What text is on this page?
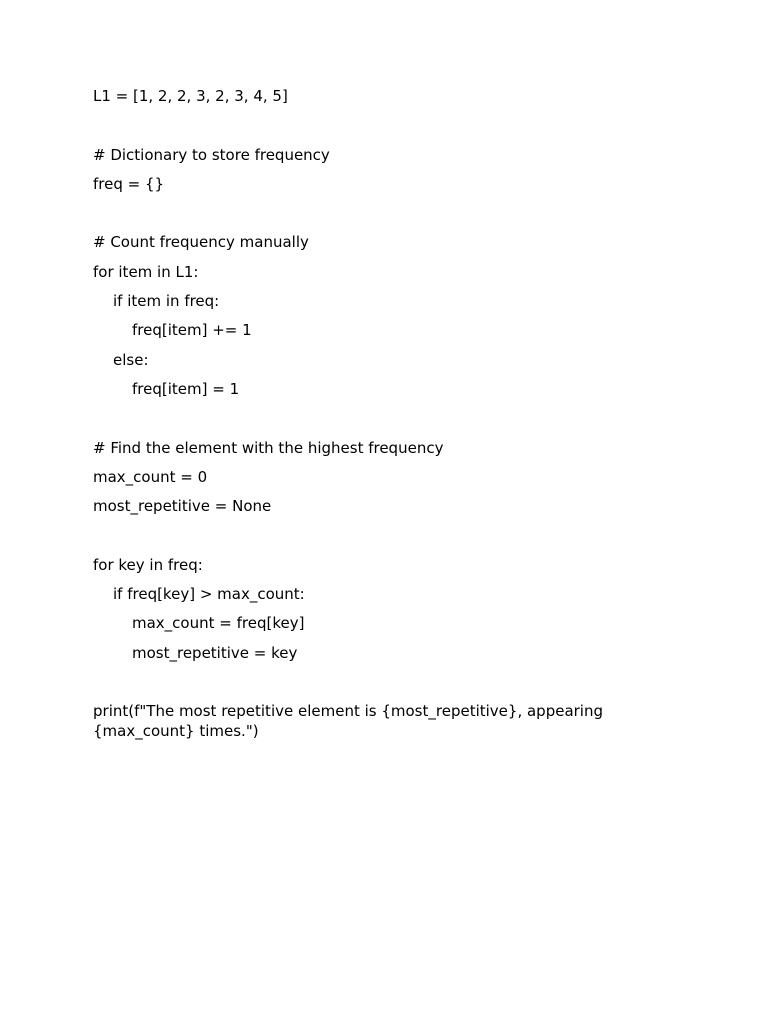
L1 = [1, 2, 2, 3, 2, 3, 4, 5]
# Dictionary to store frequency
freq = {}
# Count frequency manually
for item in L1:
if item in freq:
freq[item] += 1
else:
freq[item] = 1
# Find the element with the highest frequency
max_count = 0
most_repetitive = None
for key in freq:
if freq[key] > max_count:
max_count = freq[key]
most_repetitive = key
print(f"The most repetitive element is {most_repetitive}, appearing {max_count} times.")
